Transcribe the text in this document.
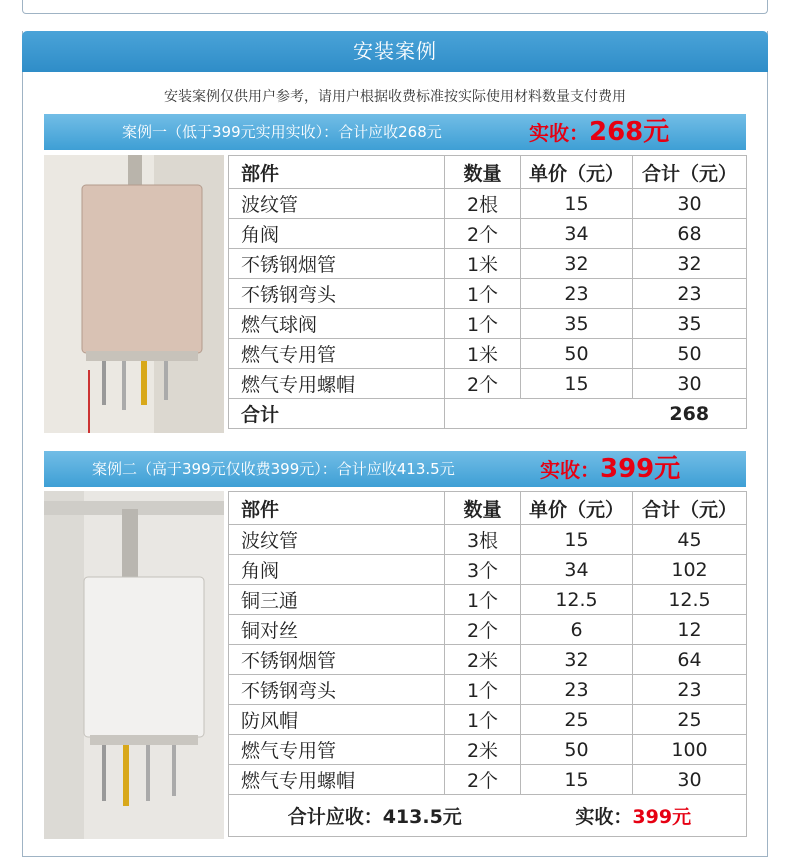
安装案例
安装案例仅供用户参考，请用户根据收费标准按实际使用材料数量支付费用
案例一（低于399元实用实收）：合计应收268元	实收：268元
部件	数量	单价（元）	合计（元）
波纹管	2根	15	30
角阀	2个	34	68
不锈钢烟管	1米	32	32
不锈钢弯头	1个	23	23
燃气球阀	1个	35	35
燃气专用管	1米	50	50
燃气专用螺帽	2个	15	30
合计			268
案例二（高于399元仅收费399元）：合计应收413.5元	实收：399元
部件	数量	单价（元）	合计（元）
波纹管	3根	15	45
角阀	3个	34	102
铜三通	1个	12.5	12.5
铜对丝	2个	6	12
不锈钢烟管	2米	32	64
不锈钢弯头	1个	23	23
防风帽	1个	25	25
燃气专用管	2米	50	100
燃气专用螺帽	2个	15	30
合计应收：413.5元		实收：399元	
